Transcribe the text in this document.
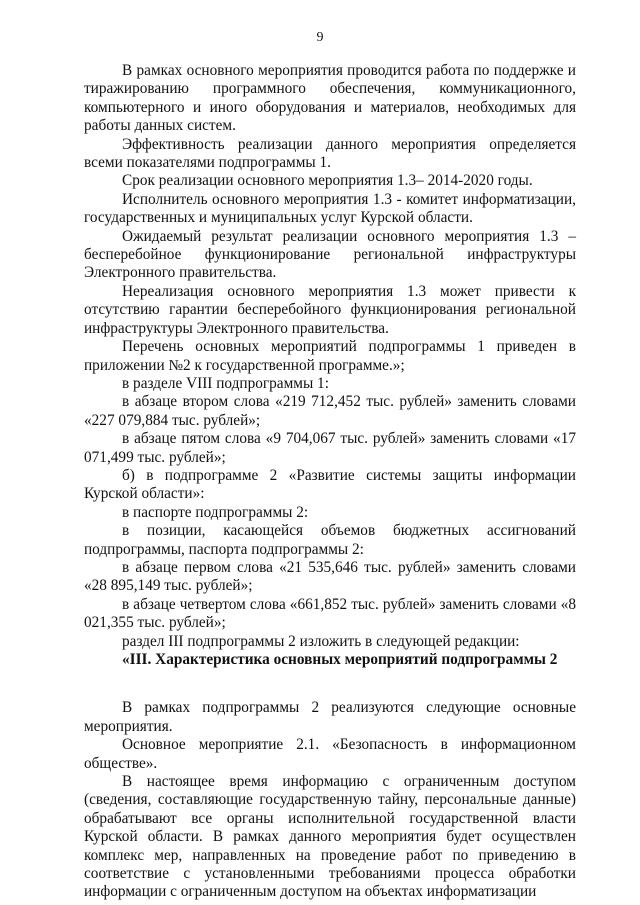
9

В рамках основного мероприятия проводится работа по поддержке и тиражированию программного обеспечения, коммуникационного, компьютерного и иного оборудования и материалов, необходимых для работы данных систем.

Эффективность реализации данного мероприятия определяется всеми показателями подпрограммы 1.

Срок реализации основного мероприятия 1.3– 2014-2020 годы.

Исполнитель основного мероприятия 1.3 - комитет информатизации, государственных и муниципальных услуг Курской области.

Ожидаемый результат реализации основного мероприятия 1.3 – бесперебойное функционирование региональной инфраструктуры Электронного правительства.

Нереализация основного мероприятия 1.3 может привести к отсутствию гарантии бесперебойного функционирования региональной инфраструктуры Электронного правительства.

Перечень основных мероприятий подпрограммы 1 приведен в приложении №2 к государственной программе.»;

в разделе VIII подпрограммы 1:

в абзаце втором слова «219 712,452 тыс. рублей» заменить словами «227 079,884 тыс. рублей»;

в абзаце пятом слова «9 704,067 тыс. рублей» заменить словами «17 071,499 тыс. рублей»;

б) в подпрограмме 2 «Развитие системы защиты информации Курской области»:

в паспорте подпрограммы 2:

в позиции, касающейся объемов бюджетных ассигнований подпрограммы, паспорта подпрограммы 2:

в абзаце первом слова «21 535,646 тыс. рублей» заменить словами «28 895,149 тыс. рублей»;

в абзаце четвертом слова «661,852 тыс. рублей» заменить словами «8 021,355 тыс. рублей»;

раздел III подпрограммы 2 изложить в следующей редакции:

«III. Характеристика основных мероприятий подпрограммы 2

В рамках подпрограммы 2 реализуются следующие основные мероприятия.

Основное мероприятие 2.1. «Безопасность в информационном обществе».

В настоящее время информацию с ограниченным доступом (сведения, составляющие государственную тайну, персональные данные) обрабатывают все органы исполнительной государственной власти Курской области. В рамках данного мероприятия будет осуществлен комплекс мер, направленных на проведение работ по приведению в соответствие с установленными требованиями процесса обработки информации с ограниченным доступом на объектах информатизации
